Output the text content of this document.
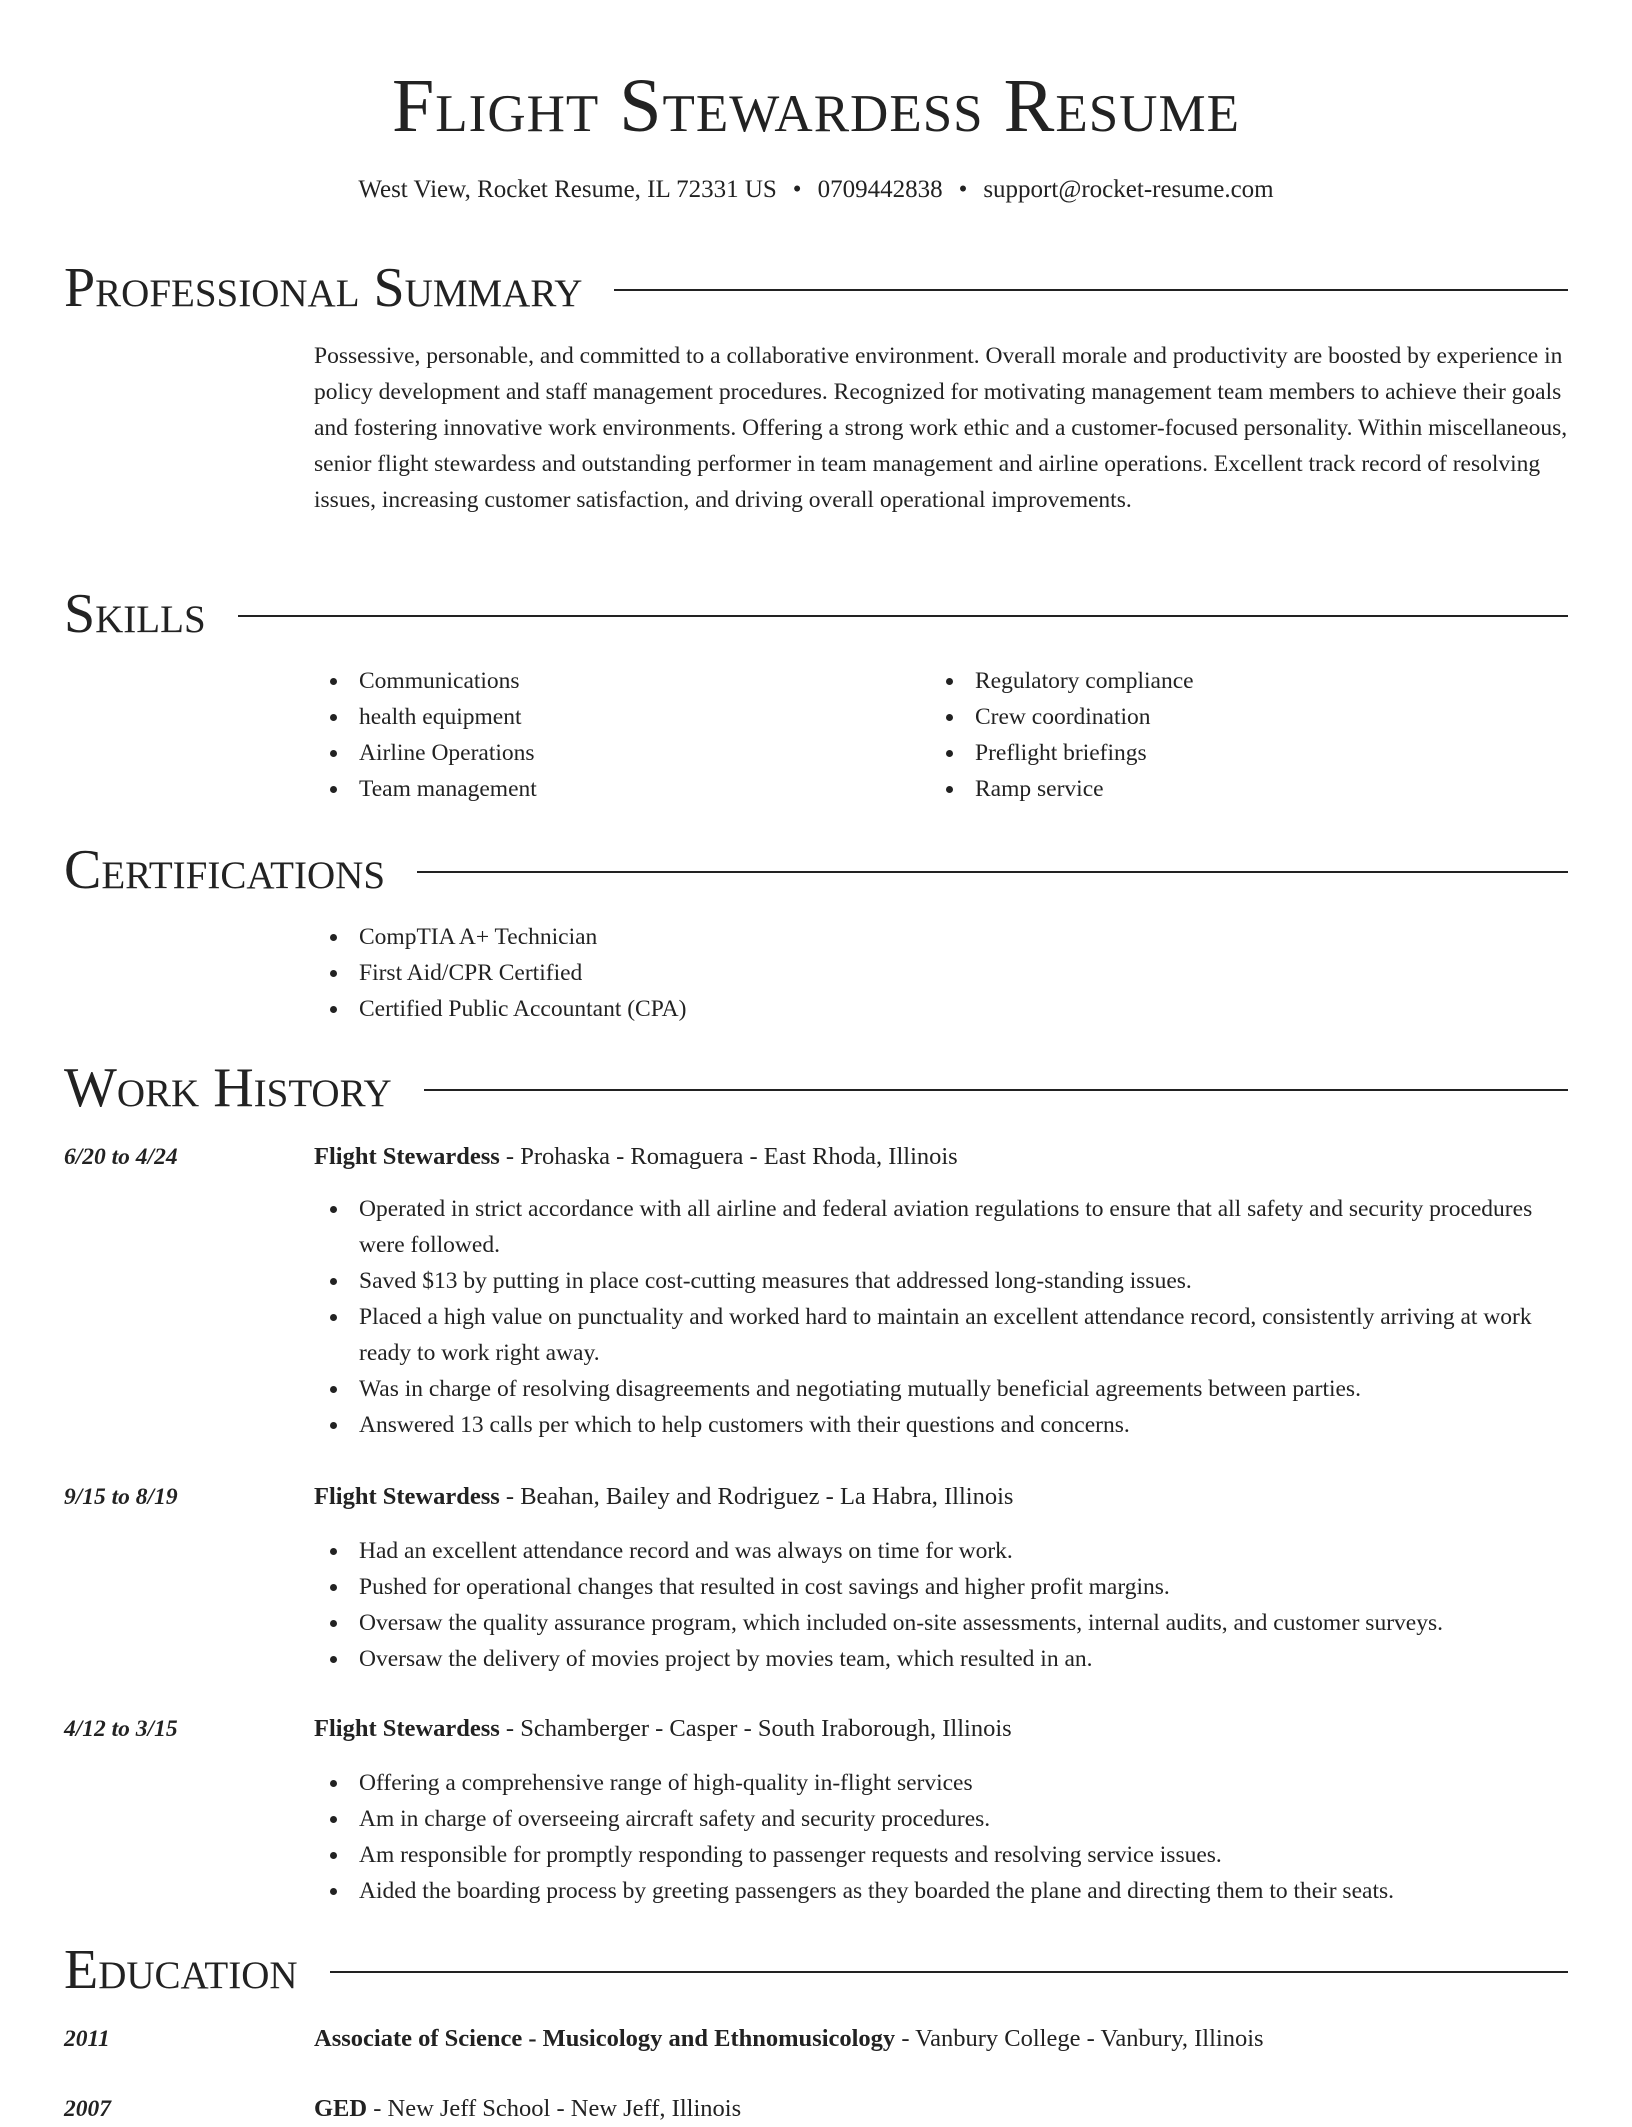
Flight Stewardess Resume
West View, Rocket Resume, IL 72331 US • 0709442838 • support@rocket-resume.com
Professional Summary

Possessive, personable, and committed to a collaborative environment. Overall morale and productivity are boosted by experience in policy development and staff management procedures. Recognized for motivating management team members to achieve their goals and fostering innovative work environments. Offering a strong work ethic and a customer-focused personality. Within miscellaneous, senior flight stewardess and outstanding performer in team management and airline operations. Excellent track record of resolving issues, increasing customer satisfaction, and driving overall operational improvements.

Skills
Communications
health equipment
Airline Operations
Team management
Regulatory compliance
Crew coordination
Preflight briefings
Ramp service
Certifications
CompTIA A+ Technician
First Aid/CPR Certified
Certified Public Accountant (CPA)
Work History
6/20 to 4/24	Flight Stewardess - Prohaska - Romaguera - East Rhoda, Illinois
Operated in strict accordance with all airline and federal aviation regulations to ensure that all safety and security procedures were followed.
Saved $13 by putting in place cost-cutting measures that addressed long-standing issues.
Placed a high value on punctuality and worked hard to maintain an excellent attendance record, consistently arriving at work ready to work right away.
Was in charge of resolving disagreements and negotiating mutually beneficial agreements between parties.
Answered 13 calls per which to help customers with their questions and concerns.
9/15 to 8/19	Flight Stewardess - Beahan, Bailey and Rodriguez - La Habra, Illinois
Had an excellent attendance record and was always on time for work.
Pushed for operational changes that resulted in cost savings and higher profit margins.
Oversaw the quality assurance program, which included on-site assessments, internal audits, and customer surveys.
Oversaw the delivery of movies project by movies team, which resulted in an.
4/12 to 3/15	Flight Stewardess - Schamberger - Casper - South Iraborough, Illinois
Offering a comprehensive range of high-quality in-flight services
Am in charge of overseeing aircraft safety and security procedures.
Am responsible for promptly responding to passenger requests and resolving service issues.
Aided the boarding process by greeting passengers as they boarded the plane and directing them to their seats.
Education
2011	Associate of Science - Musicology and Ethnomusicology - Vanbury College - Vanbury, Illinois
2007	GED - New Jeff School - New Jeff, Illinois
